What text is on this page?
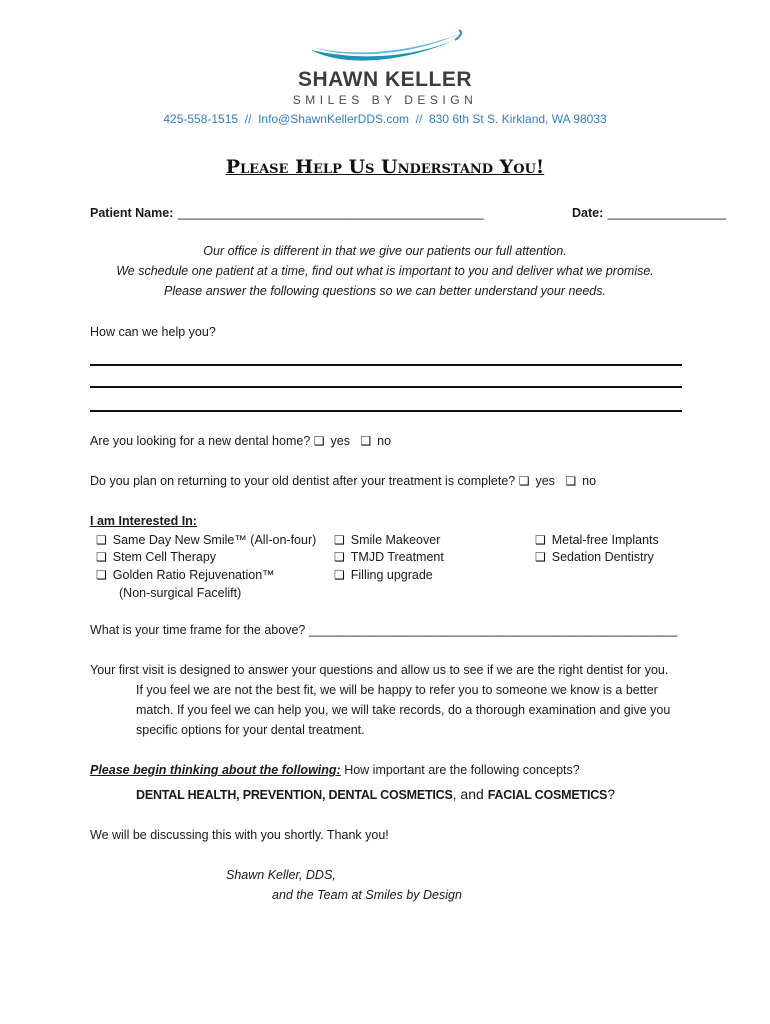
SHAWN KELLER
SMILES BY DESIGN
425-558-1515  //  Info@ShawnKellerDDS.com  //  830 6th St S. Kirkland, WA 98033
Please Help Us Understand You!
Patient Name: ____________________________________________	Date: _________________
Our office is different in that we give our patients our full attention.
We schedule one patient at a time, find out what is important to you and deliver what we promise.
Please answer the following questions so we can better understand your needs.
How can we help you?
Are you looking for a new dental home? ❑ yes ❑ no
Do you plan on returning to your old dentist after your treatment is complete? ❑ yes ❑ no
I am Interested In:
❑ Same Day New Smile™ (All-on-four)
❑ Stem Cell Therapy
❑ Golden Ratio Rejuvenation™
(Non-surgical Facelift)
❑ Smile Makeover
❑ TMJD Treatment
❑ Filling upgrade
❑ Metal-free Implants
❑ Sedation Dentistry
What is your time frame for the above? _____________________________________________________
Your first visit is designed to answer your questions and allow us to see if we are the right dentist for you.
If you feel we are not the best fit, we will be happy to refer you to someone we know is a better
match. If you feel we can help you, we will take records, do a thorough examination and give you
specific options for your dental treatment.
Please begin thinking about the following: How important are the following concepts?
DENTAL HEALTH, PREVENTION, DENTAL COSMETICS, and FACIAL COSMETICS?
We will be discussing this with you shortly. Thank you!
Shawn Keller, DDS,
and the Team at Smiles by Design
